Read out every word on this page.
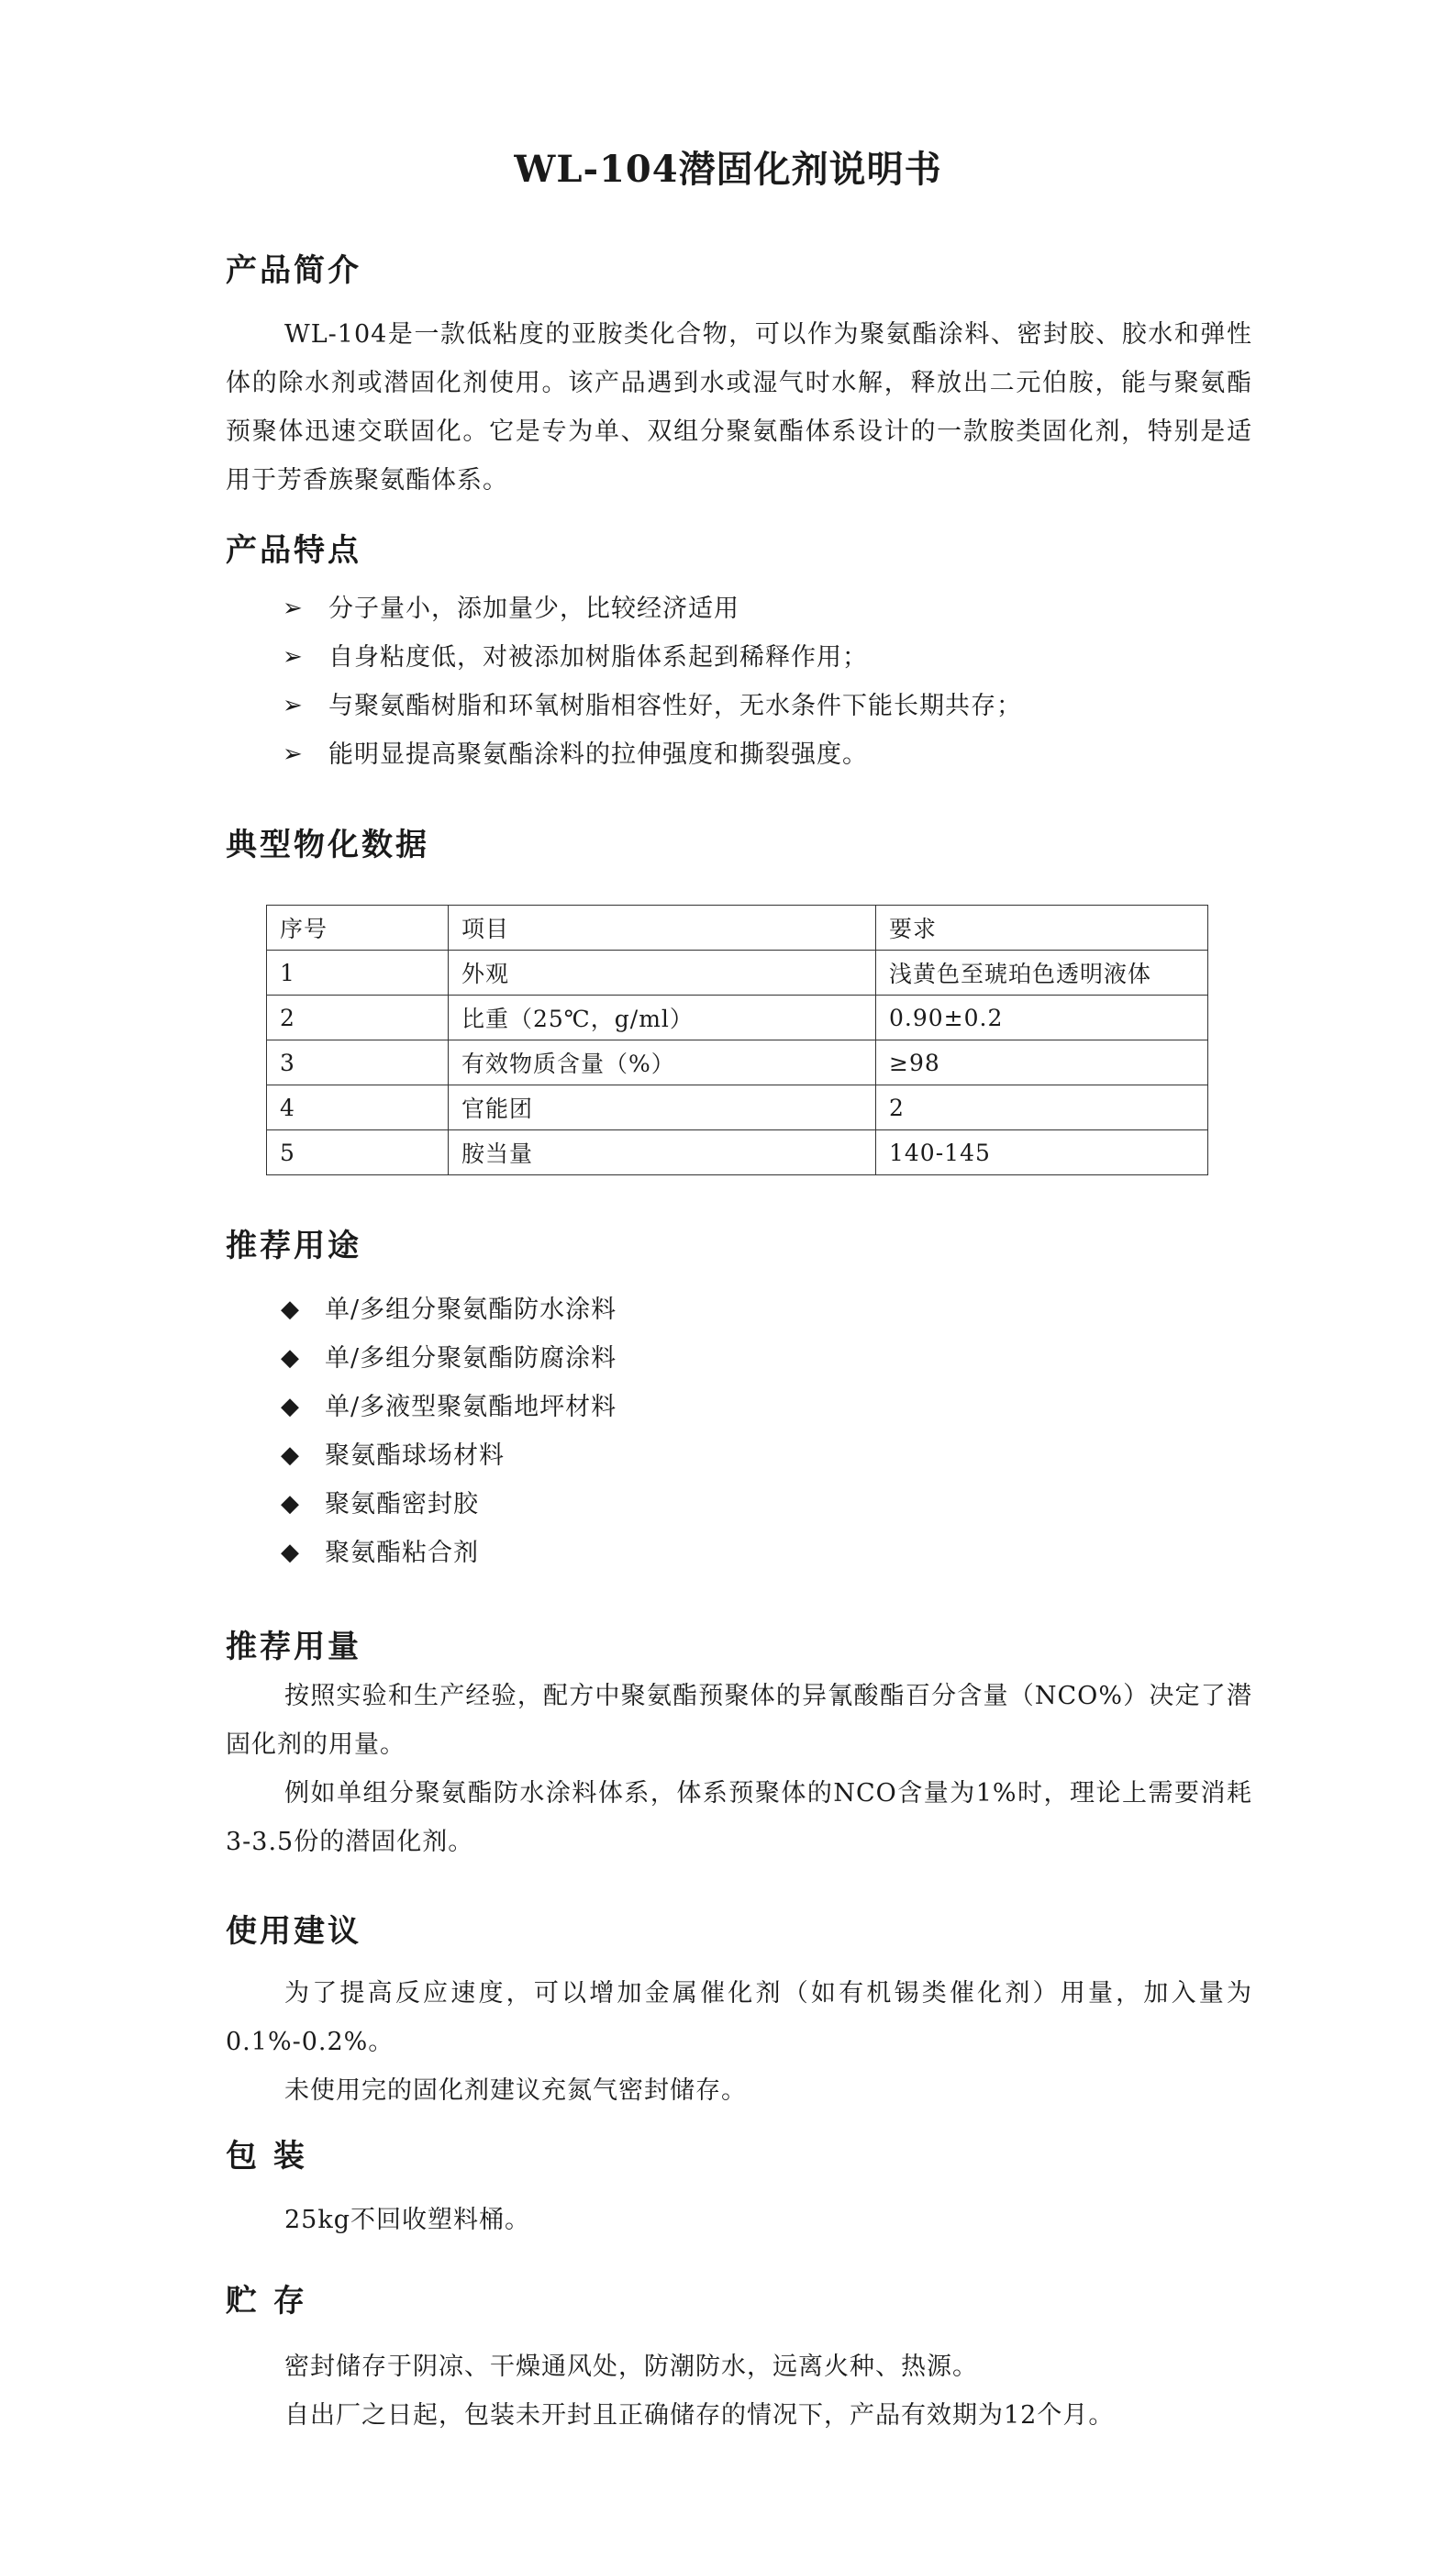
WL-104潜固化剂说明书
产品简介

WL-104是一款低粘度的亚胺类化合物，可以作为聚氨酯涂料、密封胶、胶水和弹性体的除水剂或潜固化剂使用。该产品遇到水或湿气时水解，释放出二元伯胺，能与聚氨酯预聚体迅速交联固化。它是专为单、双组分聚氨酯体系设计的一款胺类固化剂，特别是适用于芳香族聚氨酯体系。

产品特点
➢	分子量小，添加量少，比较经济适用
➢	自身粘度低，对被添加树脂体系起到稀释作用；
➢	与聚氨酯树脂和环氧树脂相容性好，无水条件下能长期共存；
➢	能明显提高聚氨酯涂料的拉伸强度和撕裂强度。
典型物化数据
序号	项目	要求
1	外观	浅黄色至琥珀色透明液体
2	比重（25℃，g/ml）	0.90±0.2
3	有效物质含量（%）	≥98
4	官能团	2
5	胺当量	140-145
推荐用途
◆	单/多组分聚氨酯防水涂料
◆	单/多组分聚氨酯防腐涂料
◆	单/多液型聚氨酯地坪材料
◆	聚氨酯球场材料
◆	聚氨酯密封胶
◆	聚氨酯粘合剂
推荐用量

按照实验和生产经验，配方中聚氨酯预聚体的异氰酸酯百分含量（NCO%）决定了潜固化剂的用量。

例如单组分聚氨酯防水涂料体系，体系预聚体的NCO含量为1%时，理论上需要消耗3-3.5份的潜固化剂。

使用建议

为了提高反应速度，可以增加金属催化剂（如有机锡类催化剂）用量，加入量为0.1%-0.2%。

未使用完的固化剂建议充氮气密封储存。

包 装

25kg不回收塑料桶。

贮 存

密封储存于阴凉、干燥通风处，防潮防水，远离火种、热源。

自出厂之日起，包装未开封且正确储存的情况下，产品有效期为12个月。
